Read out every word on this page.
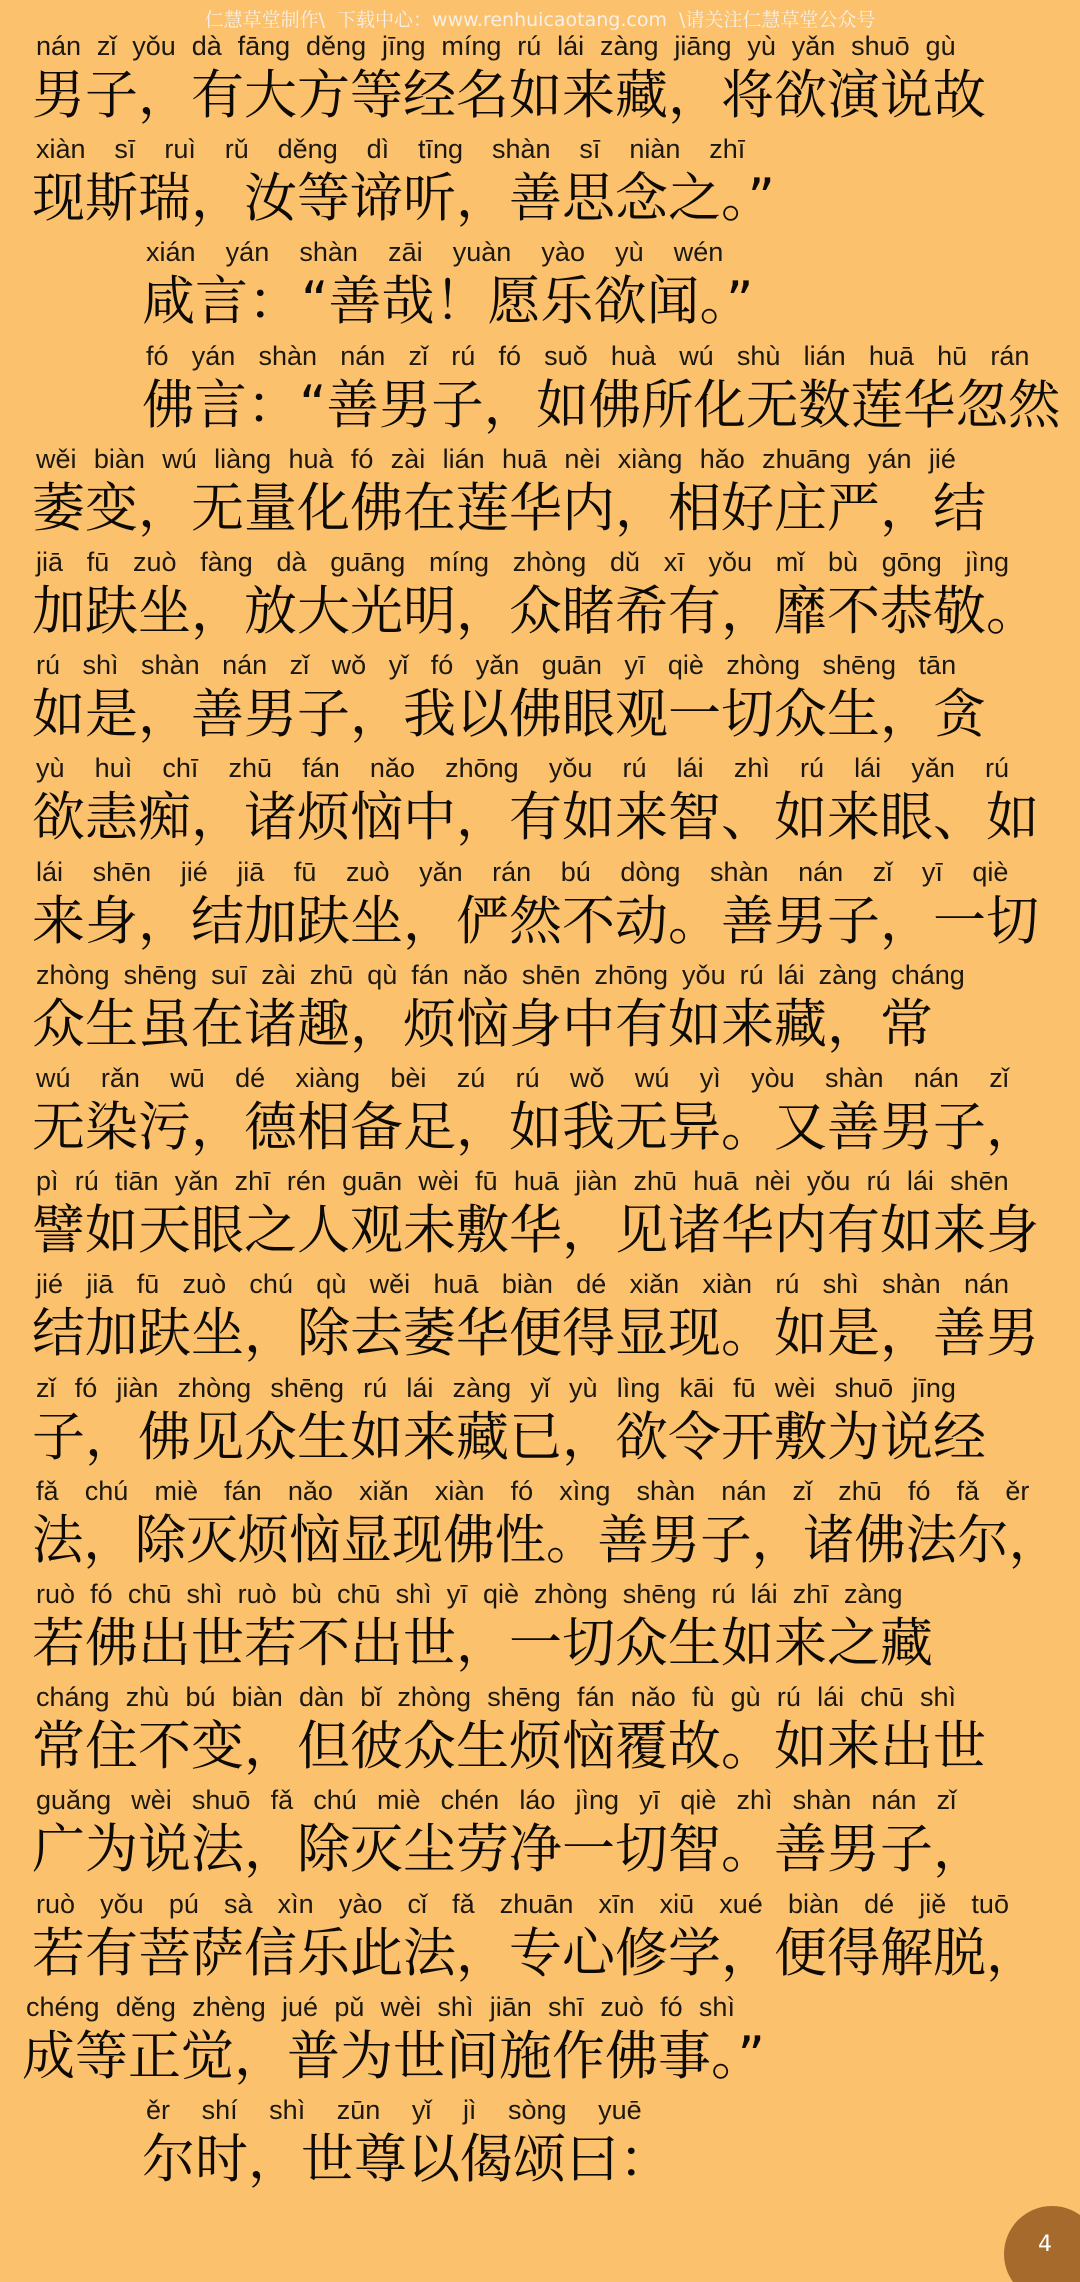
仁慧草堂制作\ 下载中心：www.renhuicaotang.com \请关注仁慧草堂公众号
男子，有大方等经名如来藏，将欲演说故
nán zǐ yǒu dà fāng děng jīng míng rú lái zàng jiāng yù yǎn shuō gù
现斯瑞，汝等谛听，善思念之。”
xiàn sī ruì rǔ děng dì tīng shàn sī niàn zhī
咸言：“善哉！愿乐欲闻。”
xián yán shàn zāi yuàn yào yù wén
佛言：“善男子，如佛所化无数莲华忽然
fó yán shàn nán zǐ rú fó suǒ huà wú shù lián huā hū rán
萎变，无量化佛在莲华内，相好庄严，结
wěi biàn wú liàng huà fó zài lián huā nèi xiàng hǎo zhuāng yán jié
加趺坐，放大光明，众睹希有，靡不恭敬。
jiā fū zuò fàng dà guāng míng zhòng dǔ xī yǒu mǐ bù gōng jìng
如是，善男子，我以佛眼观一切众生，贪
rú shì shàn nán zǐ wǒ yǐ fó yǎn guān yī qiè zhòng shēng tān
欲恚痴，诸烦恼中，有如来智、如来眼、如
yù huì chī zhū fán nǎo zhōng yǒu rú lái zhì rú lái yǎn rú
来身，结加趺坐，俨然不动。善男子，一切
lái shēn jié jiā fū zuò yǎn rán bú dòng shàn nán zǐ yī qiè
众生虽在诸趣，烦恼身中有如来藏，常
zhòng shēng suī zài zhū qù fán nǎo shēn zhōng yǒu rú lái zàng cháng
无染污，德相备足，如我无异。又善男子，
wú rǎn wū dé xiàng bèi zú rú wǒ wú yì yòu shàn nán zǐ
譬如天眼之人观未敷华，见诸华内有如来身
pì rú tiān yǎn zhī rén guān wèi fū huā jiàn zhū huā nèi yǒu rú lái shēn
结加趺坐，除去萎华便得显现。如是，善男
jié jiā fū zuò chú qù wěi huā biàn dé xiǎn xiàn rú shì shàn nán
子，佛见众生如来藏已，欲令开敷为说经
zǐ fó jiàn zhòng shēng rú lái zàng yǐ yù lìng kāi fū wèi shuō jīng
法，除灭烦恼显现佛性。善男子，诸佛法尔，
fǎ chú miè fán nǎo xiǎn xiàn fó xìng shàn nán zǐ zhū fó fǎ ěr
若佛出世若不出世，一切众生如来之藏
ruò fó chū shì ruò bù chū shì yī qiè zhòng shēng rú lái zhī zàng
常住不变，但彼众生烦恼覆故。如来出世
cháng zhù bú biàn dàn bǐ zhòng shēng fán nǎo fù gù rú lái chū shì
广为说法，除灭尘劳净一切智。善男子，
guǎng wèi shuō fǎ chú miè chén láo jìng yī qiè zhì shàn nán zǐ
若有菩萨信乐此法，专心修学，便得解脱，
ruò yǒu pú sà xìn yào cǐ fǎ zhuān xīn xiū xué biàn dé jiě tuō
成等正觉，普为世间施作佛事。”
chéng děng zhèng jué pǔ wèi shì jiān shī zuò fó shì
尔时，世尊以偈颂曰：
ěr shí shì zūn yǐ jì sòng yuē
4
